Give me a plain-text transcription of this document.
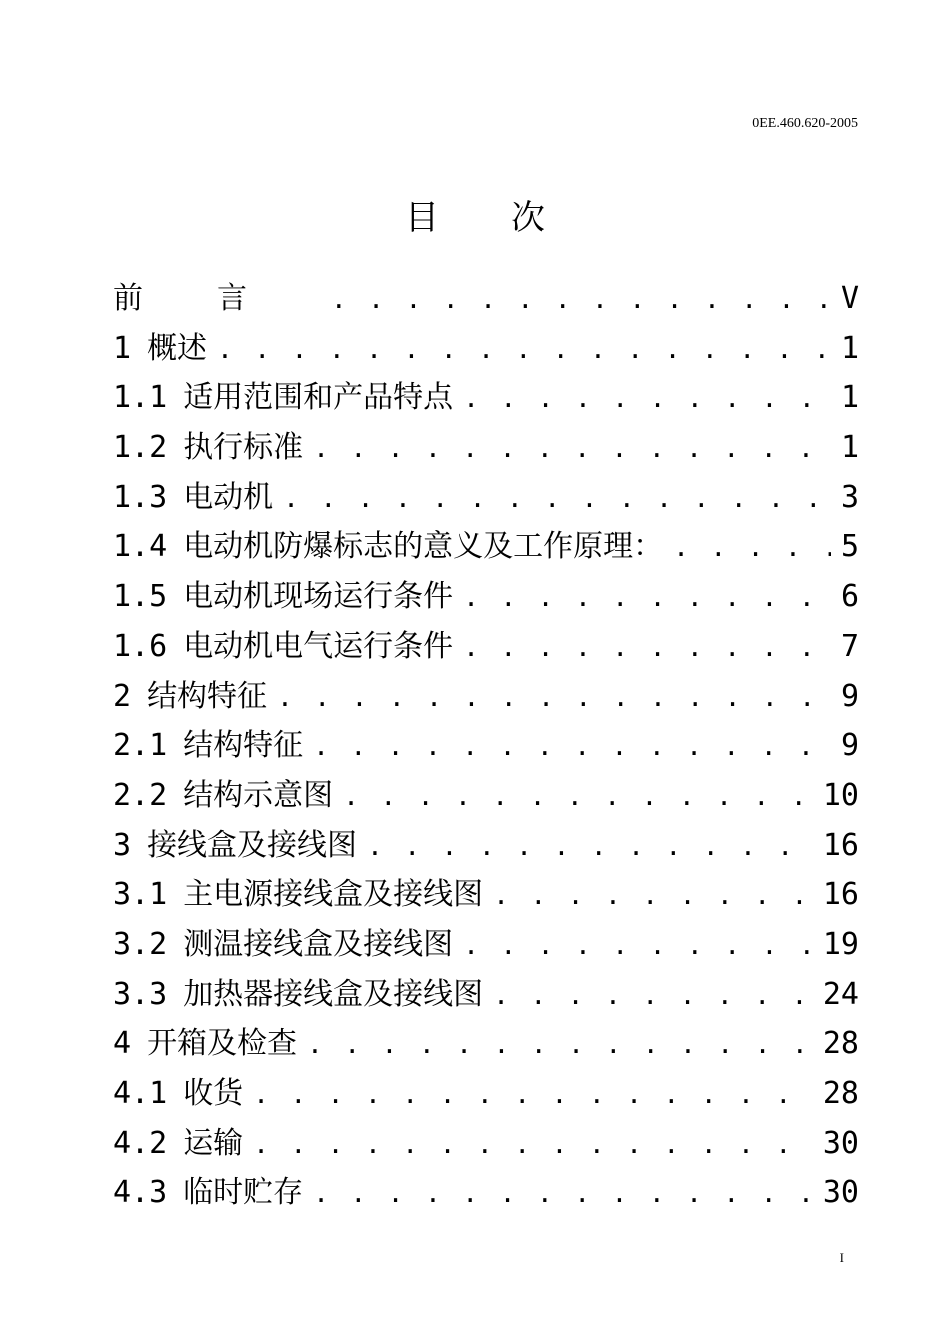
0EE.460.620-2005
目 次
前言 . . .	V
1 概述 . . .	1
1.1 适用范围和产品特点 . . .	1
1.2 执行标准 . . .	1
1.3 电动机 . . .	3
1.4 电动机防爆标志的意义及工作原理： . . .	5
1.5 电动机现场运行条件 . . .	6
1.6 电动机电气运行条件 . . .	7
2 结构特征 . . .	9
2.1 结构特征 . . .	9
2.2 结构示意图 . . .	10
3 接线盒及接线图 . . .	16
3.1 主电源接线盒及接线图 . . .	16
3.2 测温接线盒及接线图 . . .	19
3.3 加热器接线盒及接线图 . . .	24
4 开箱及检查 . . .	28
4.1 收货 . . .	28
4.2 运输 . . .	30
4.3 临时贮存 . . .	30
I
